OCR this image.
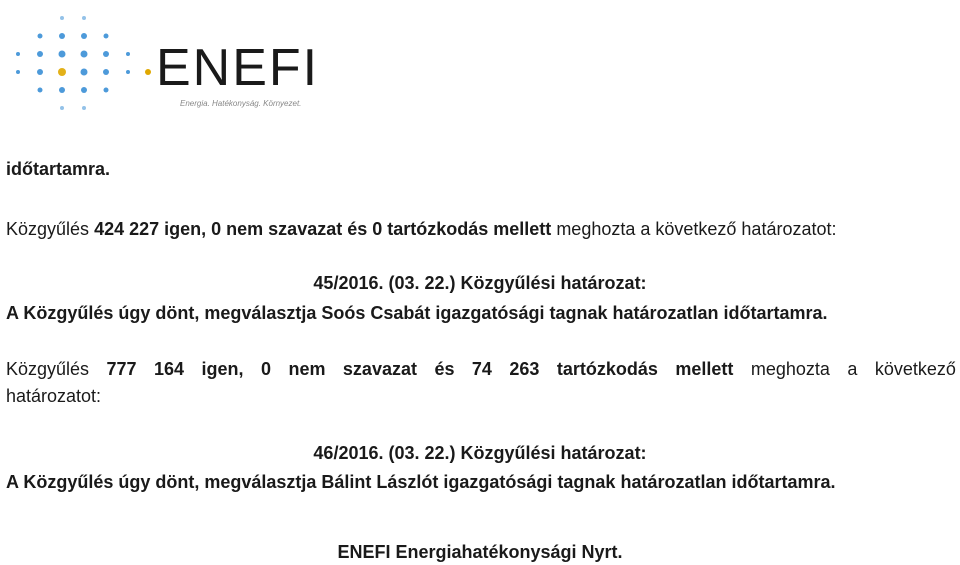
ENEFI
Energia. Hatékonyság. Környezet.
időtartamra.
Közgyűlés 424 227 igen, 0 nem szavazat és 0 tartózkodás mellett meghozta a következő határozatot:
45/2016. (03. 22.) Közgyűlési határozat:
A Közgyűlés úgy dönt, megválasztja Soós Csabát igazgatósági tagnak határozatlan időtartamra.
Közgyűlés 777 164 igen, 0 nem szavazat és 74 263 tartózkodás mellett meghozta a következő
határozatot:
46/2016. (03. 22.) Közgyűlési határozat:
A Közgyűlés úgy dönt, megválasztja Bálint Lászlót igazgatósági tagnak határozatlan időtartamra.
ENEFI Energiahatékonysági Nyrt.
